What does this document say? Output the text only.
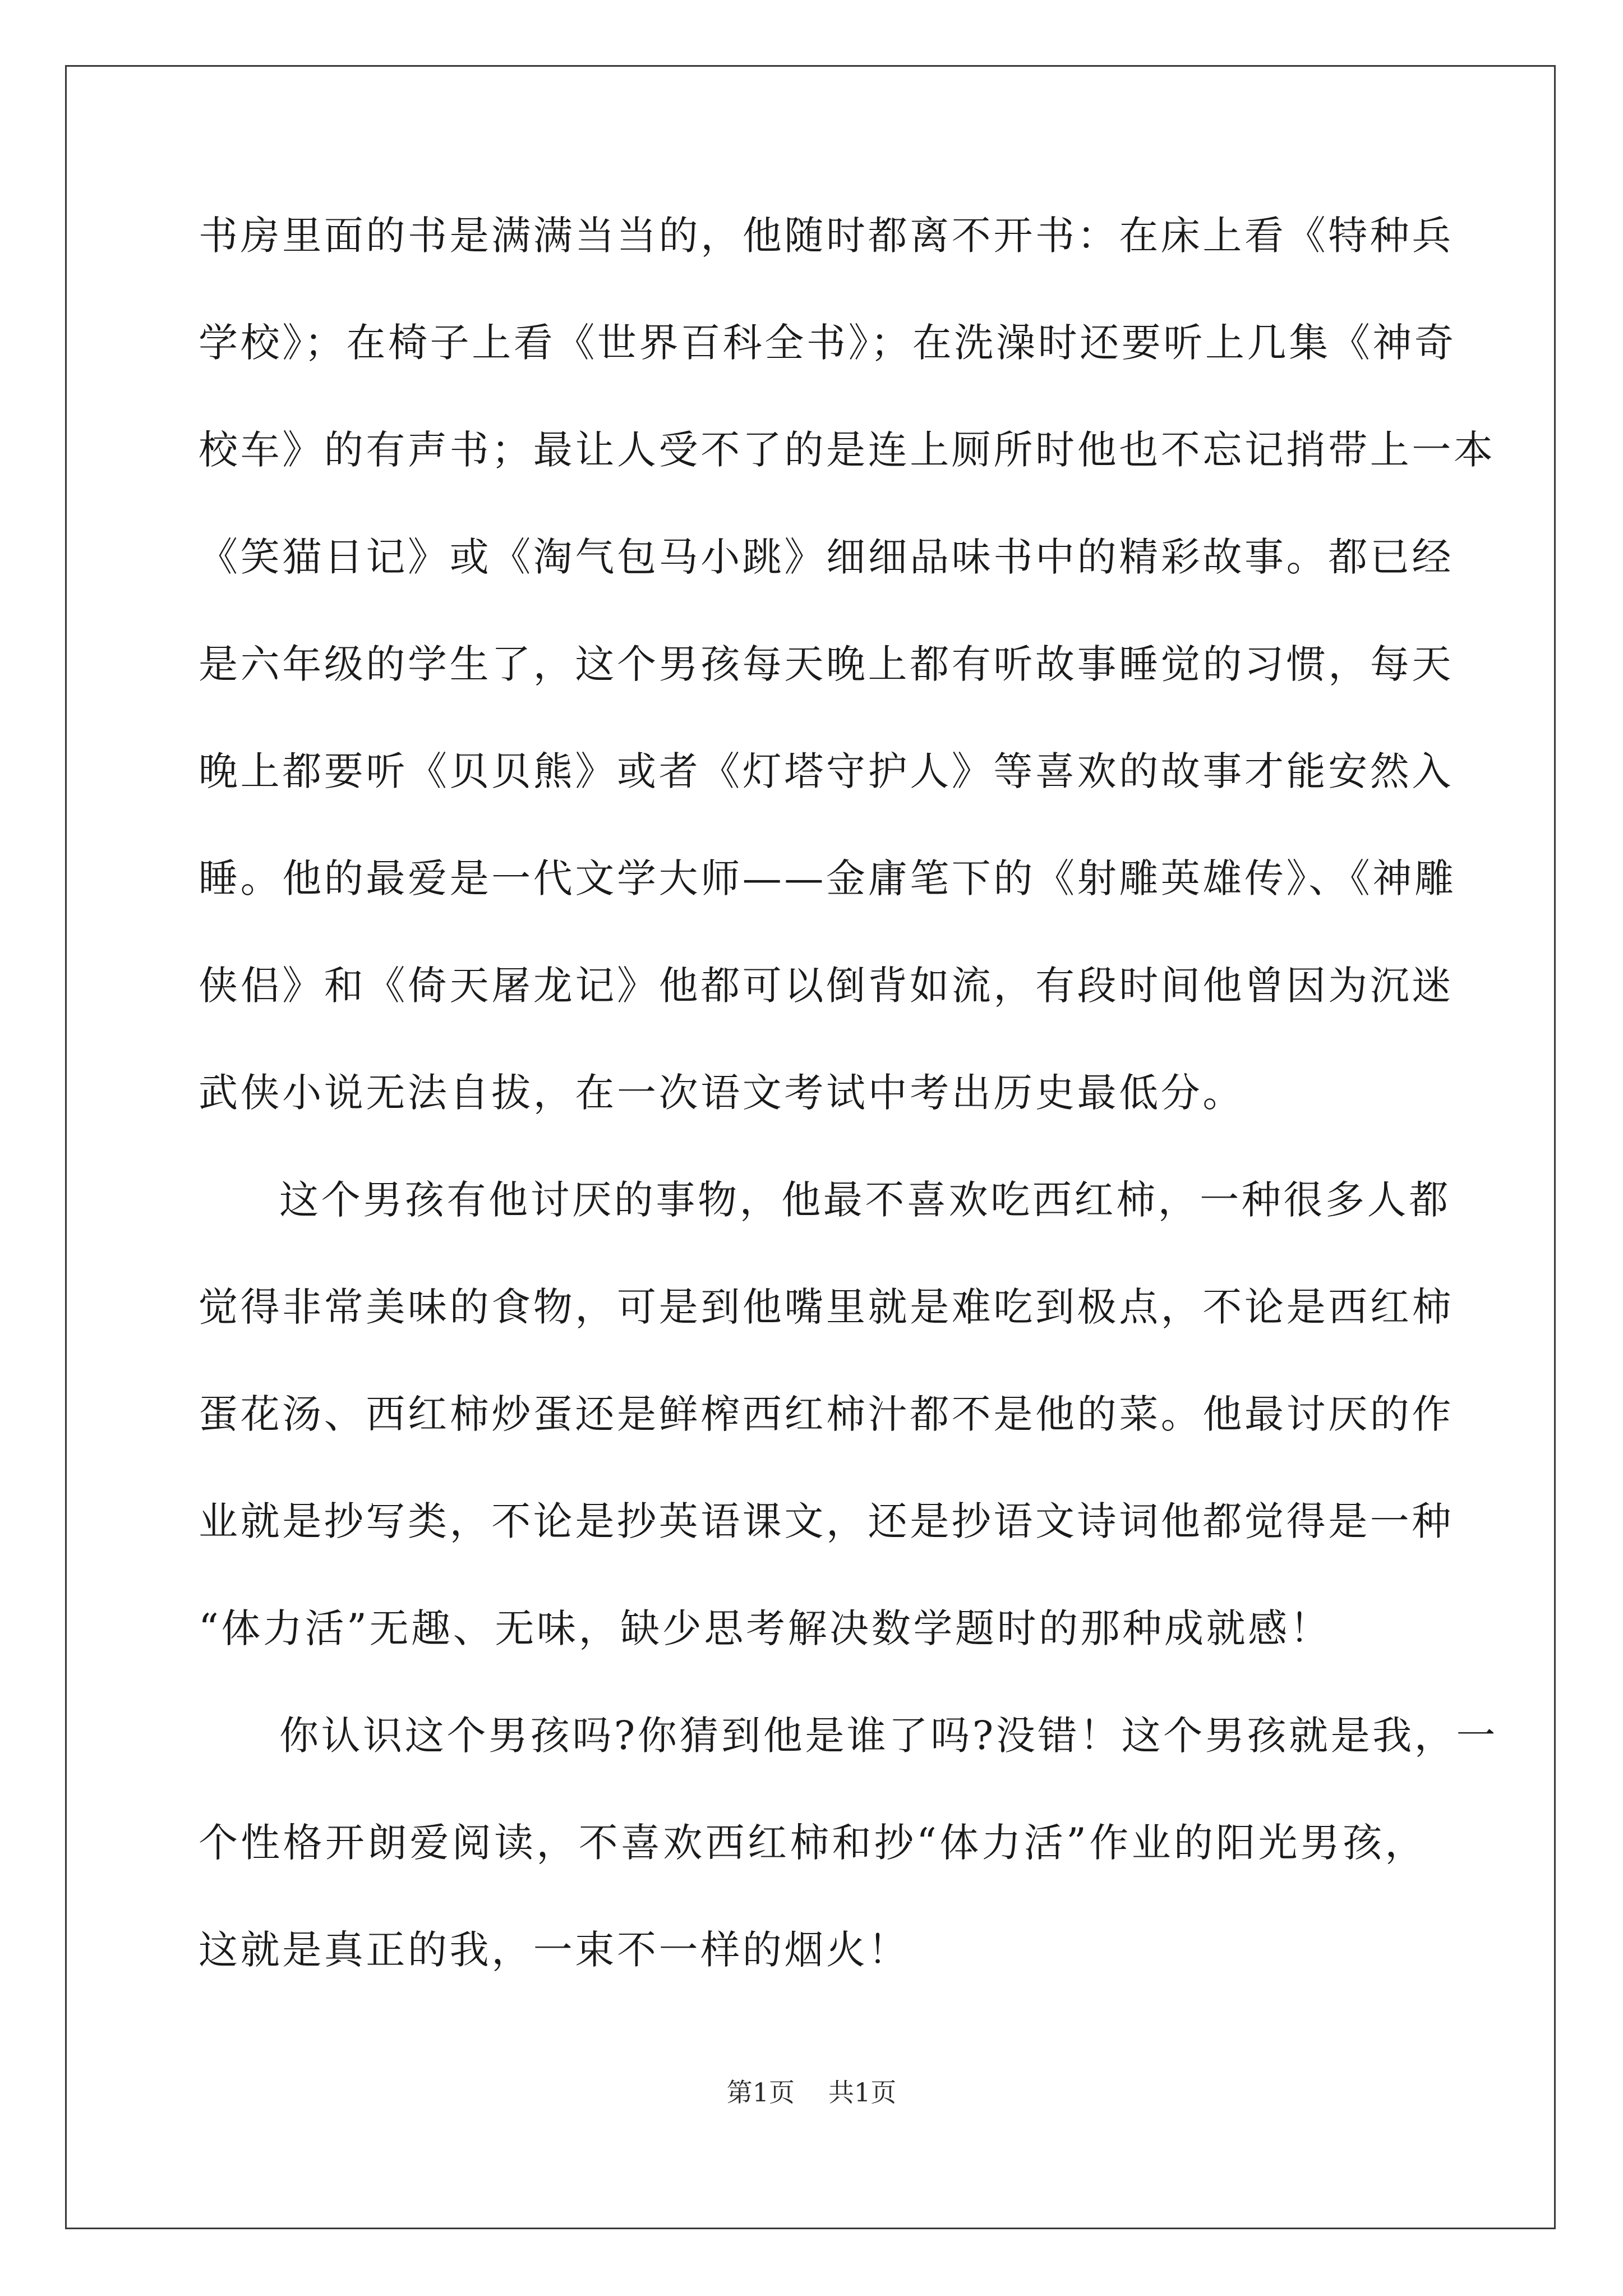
书房里面的书是满满当当的，他随时都离不开书：在床上看《特种兵
学校》；在椅子上看《世界百科全书》；在洗澡时还要听上几集《神奇
校车》的有声书；最让人受不了的是连上厕所时他也不忘记捎带上一本
《笑猫日记》或《淘气包马小跳》细细品味书中的精彩故事。都已经
是六年级的学生了，这个男孩每天晚上都有听故事睡觉的习惯，每天
晚上都要听《贝贝熊》或者《灯塔守护人》等喜欢的故事才能安然入
睡。他的最爱是一代文学大师——金庸笔下的《射雕英雄传》、《神雕
侠侣》和《倚天屠龙记》他都可以倒背如流，有段时间他曾因为沉迷
武侠小说无法自拔，在一次语文考试中考出历史最低分。
这个男孩有他讨厌的事物，他最不喜欢吃西红柿，一种很多人都
觉得非常美味的食物，可是到他嘴里就是难吃到极点，不论是西红柿
蛋花汤、西红柿炒蛋还是鲜榨西红柿汁都不是他的菜。他最讨厌的作
业就是抄写类，不论是抄英语课文，还是抄语文诗词他都觉得是一种
“体力活”无趣、无味，缺少思考解决数学题时的那种成就感！
你认识这个男孩吗?你猜到他是谁了吗?没错！这个男孩就是我，一
个性格开朗爱阅读，不喜欢西红柿和抄“体力活”作业的阳光男孩，
这就是真正的我，一束不一样的烟火！
第1页 共1页
